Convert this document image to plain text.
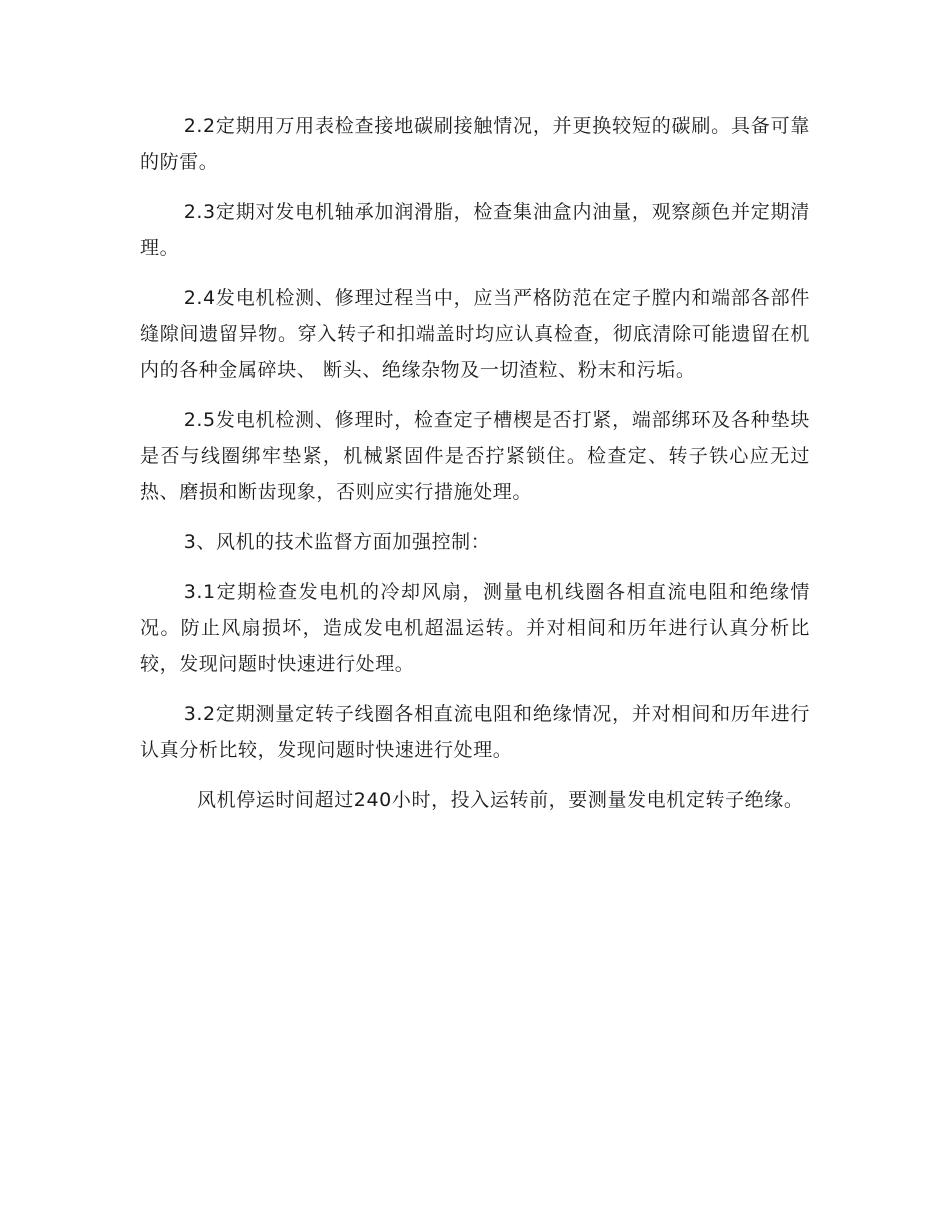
2.2定期用万用表检查接地碳刷接触情况，并更换较短的碳刷。具备可靠的防雷。

2.3定期对发电机轴承加润滑脂，检查集油盒内油量，观察颜色并定期清理。

2.4发电机检测、修理过程当中，应当严格防范在定子膛内和端部各部件缝隙间遗留异物。穿入转子和扣端盖时均应认真检查，彻底清除可能遗留在机内的各种金属碎块、 断头、绝缘杂物及一切渣粒、粉末和污垢。

2.5发电机检测、修理时，检查定子槽楔是否打紧，端部绑环及各种垫块是否与线圈绑牢垫紧，机械紧固件是否拧紧锁住。检查定、转子铁心应无过热、磨损和断齿现象，否则应实行措施处理。

3、风机的技术监督方面加强控制：

3.1定期检查发电机的冷却风扇，测量电机线圈各相直流电阻和绝缘情况。防止风扇损坏，造成发电机超温运转。并对相间和历年进行认真分析比较，发现问题时快速进行处理。

3.2定期测量定转子线圈各相直流电阻和绝缘情况，并对相间和历年进行认真分析比较，发现问题时快速进行处理。

风机停运时间超过240小时，投入运转前，要测量发电机定转子绝缘。
